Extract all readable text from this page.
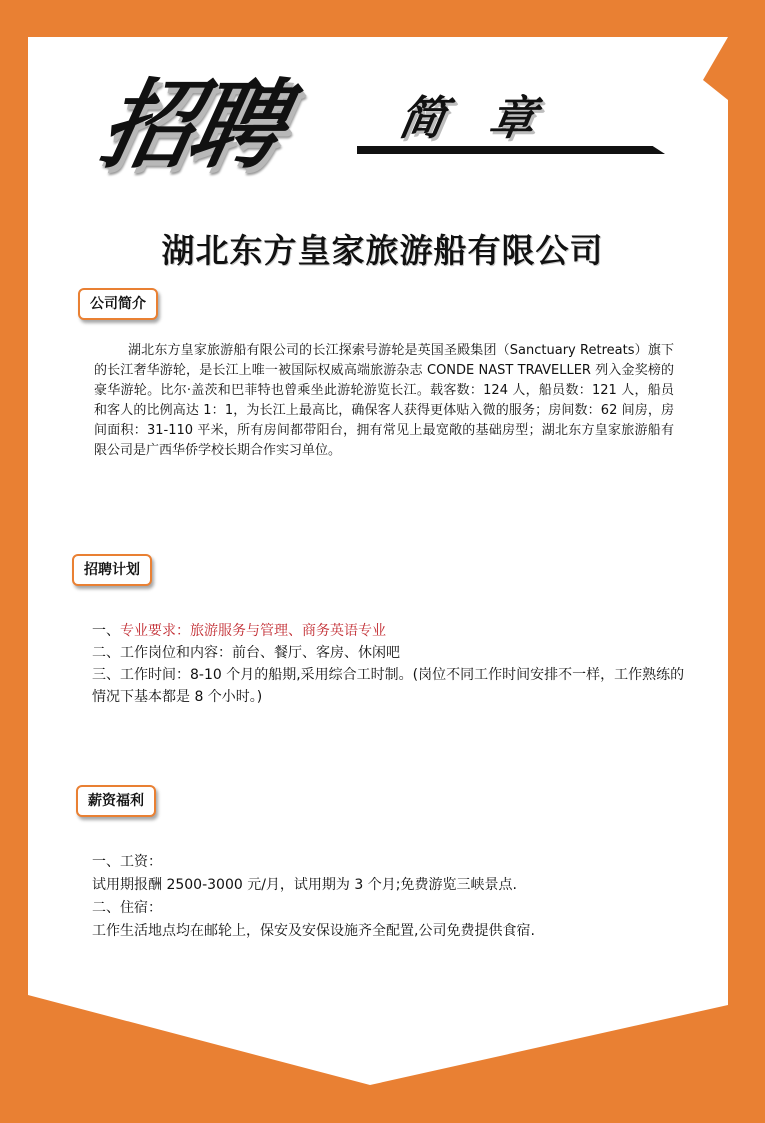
招聘 简 章
湖北东方皇家旅游船有限公司
公司简介
湖北东方皇家旅游船有限公司的长江探索号游轮是英国圣殿集团（Sanctuary Retreats）旗下的长江奢华游轮，是长江上唯一被国际权威高端旅游杂志 CONDE NAST TRAVELLER 列入金奖榜的豪华游轮。比尔·盖茨和巴菲特也曾乘坐此游轮游览长江。载客数：124 人，船员数：121 人，船员和客人的比例高达 1：1，为长江上最高比，确保客人获得更体贴入微的服务；房间数：62 间房，房间面积：31-110 平米，所有房间都带阳台，拥有常见上最宽敞的基础房型；湖北东方皇家旅游船有限公司是广西华侨学校长期合作实习单位。
招聘计划
一、专业要求：旅游服务与管理、商务英语专业
二、工作岗位和内容：前台、餐厅、客房、休闲吧
三、工作时间：8-10 个月的船期,采用综合工时制。(岗位不同工作时间安排不一样，工作熟练的情况下基本都是 8 个小时。)
薪资福利
一、工资：
试用期报酬 2500-3000 元/月，试用期为 3 个月;免费游览三峡景点.
二、住宿：
工作生活地点均在邮轮上，保安及安保设施齐全配置,公司免费提供食宿.
